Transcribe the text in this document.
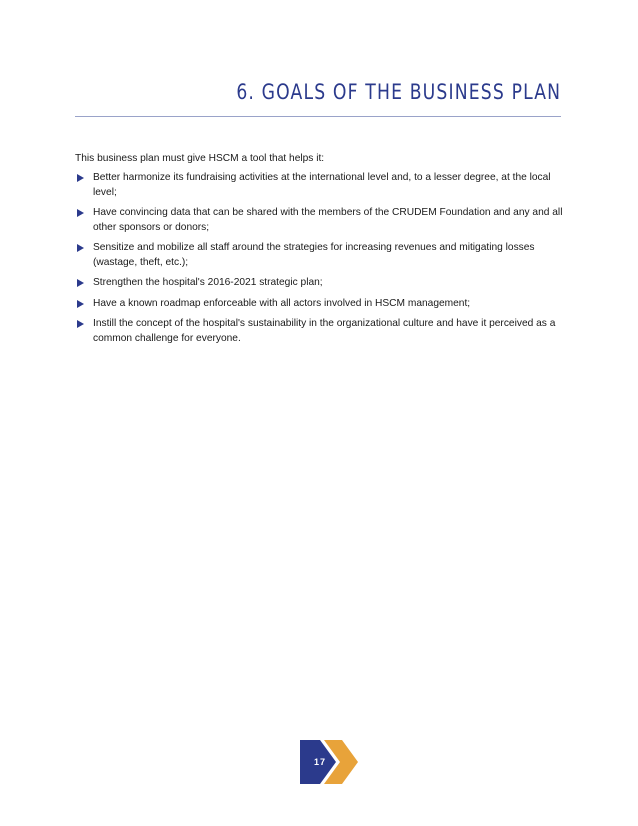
6. GOALS OF THE BUSINESS PLAN
This business plan must give HSCM a tool that helps it:
Better harmonize its fundraising activities at the international level and, to a lesser degree, at the local level;
Have convincing data that can be shared with the members of the CRUDEM Foundation and any and all other sponsors or donors;
Sensitize and mobilize all staff around the strategies for increasing revenues and mitigating losses (wastage, theft, etc.);
Strengthen the hospital's 2016-2021 strategic plan;
Have a known roadmap enforceable with all actors involved in HSCM management;
Instill the concept of the hospital's sustainability in the organizational culture and have it perceived as a common challenge for everyone.
17
